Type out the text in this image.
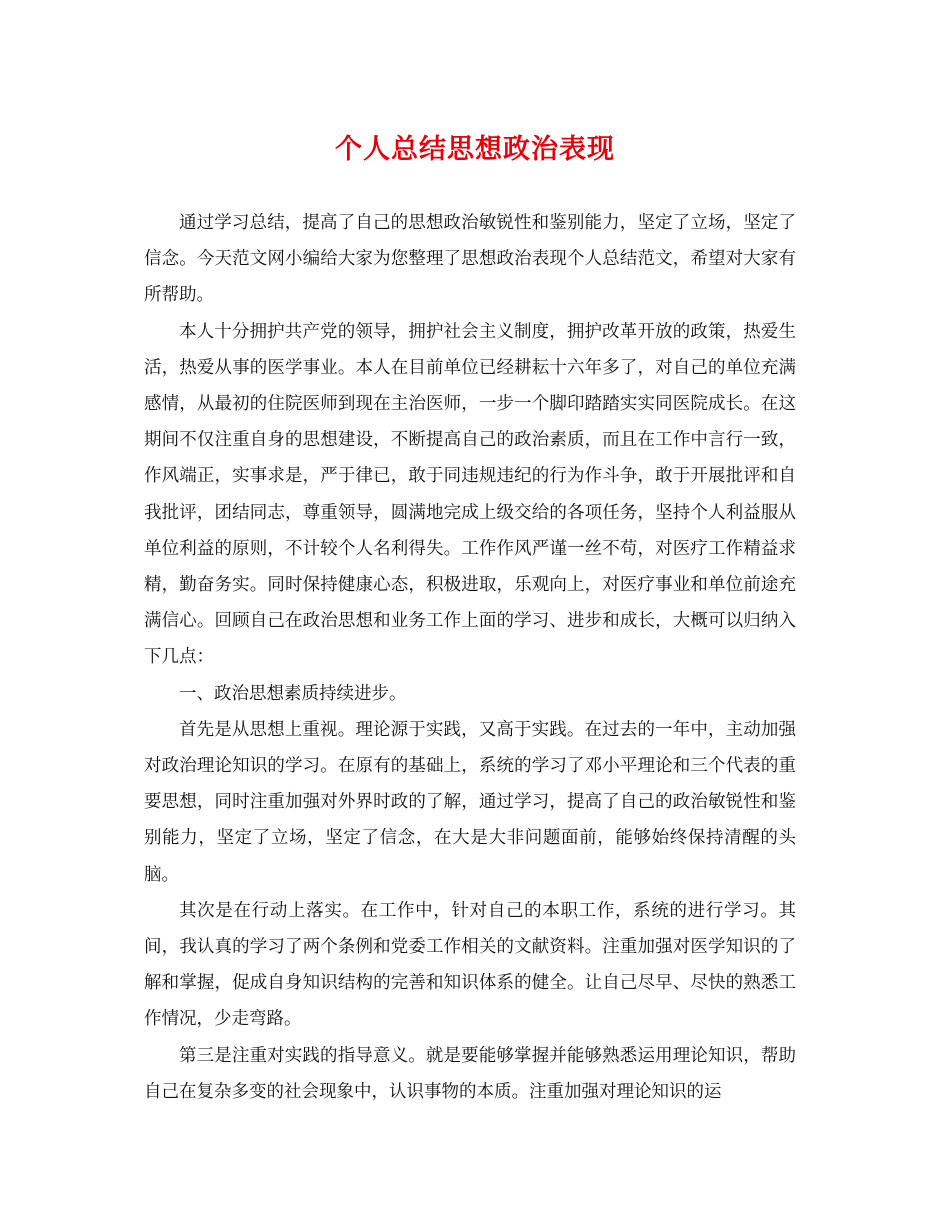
个人总结思想政治表现

通过学习总结，提高了自己的思想政治敏锐性和鉴别能力，坚定了立场，坚定了信念。今天范文网小编给大家为您整理了思想政治表现个人总结范文，希望对大家有所帮助。

本人十分拥护共产党的领导，拥护社会主义制度，拥护改革开放的政策，热爱生活，热爱从事的医学事业。本人在目前单位已经耕耘十六年多了，对自己的单位充满感情，从最初的住院医师到现在主治医师，一步一个脚印踏踏实实同医院成长。在这期间不仅注重自身的思想建设，不断提高自己的政治素质，而且在工作中言行一致，作风端正，实事求是，严于律已，敢于同违规违纪的行为作斗争，敢于开展批评和自我批评，团结同志，尊重领导，圆满地完成上级交给的各项任务，坚持个人利益服从单位利益的原则，不计较个人名利得失。工作作风严谨一丝不苟，对医疗工作精益求精，勤奋务实。同时保持健康心态，积极进取，乐观向上，对医疗事业和单位前途充满信心。回顾自己在政治思想和业务工作上面的学习、进步和成长，大概可以归纳入下几点：

一、政治思想素质持续进步。

首先是从思想上重视。理论源于实践，又高于实践。在过去的一年中，主动加强对政治理论知识的学习。在原有的基础上，系统的学习了邓小平理论和三个代表的重要思想，同时注重加强对外界时政的了解，通过学习，提高了自己的政治敏锐性和鉴别能力，坚定了立场，坚定了信念，在大是大非问题面前，能够始终保持清醒的头脑。

其次是在行动上落实。在工作中，针对自己的本职工作，系统的进行学习。其间，我认真的学习了两个条例和党委工作相关的文献资料。注重加强对医学知识的了解和掌握，促成自身知识结构的完善和知识体系的健全。让自己尽早、尽快的熟悉工作情况，少走弯路。

第三是注重对实践的指导意义。就是要能够掌握并能够熟悉运用理论知识，帮助自己在复杂多变的社会现象中，认识事物的本质。注重加强对理论知识的运
